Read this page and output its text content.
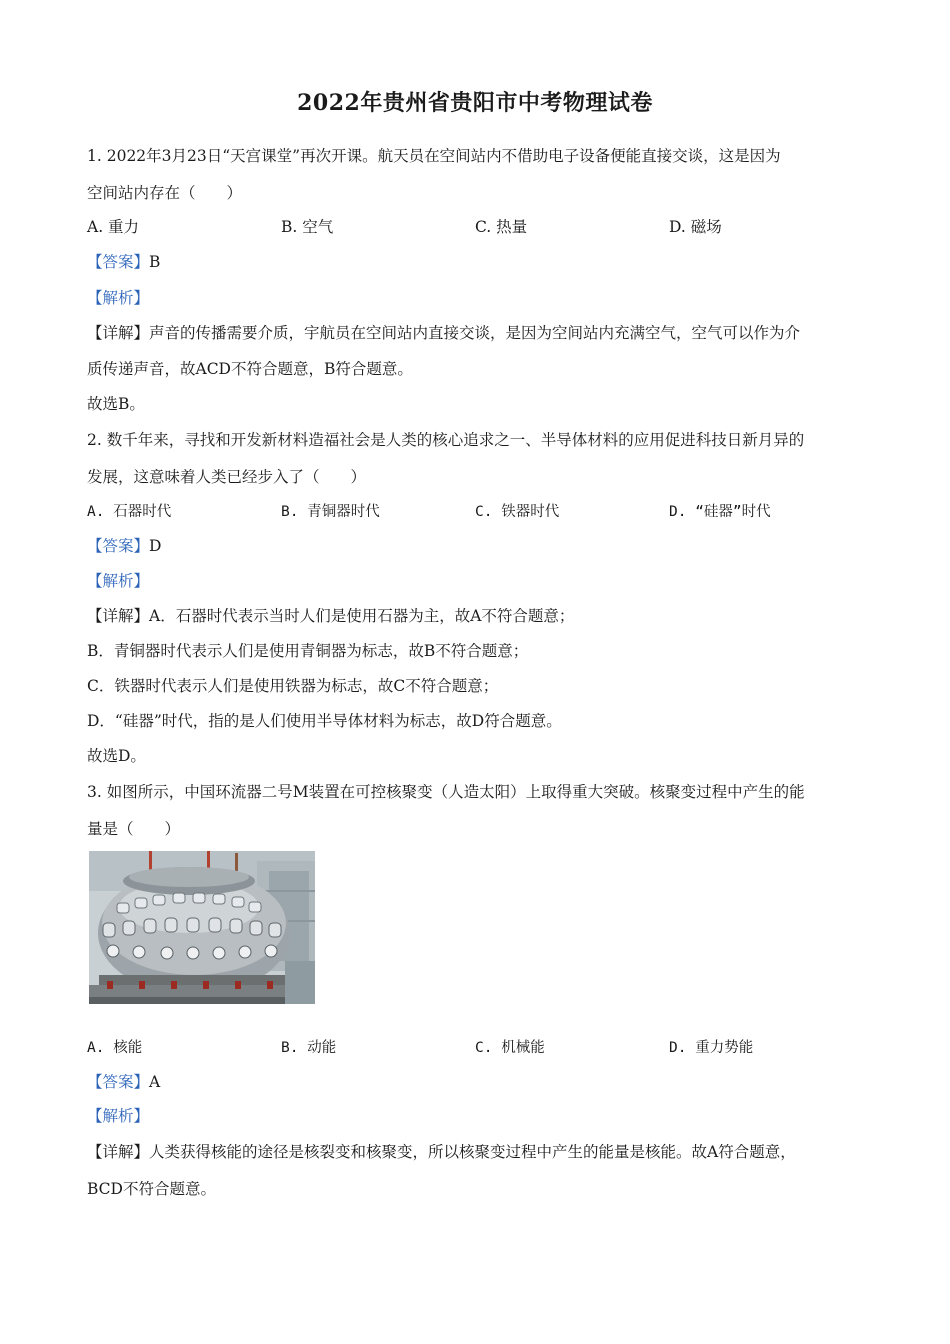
2022年贵州省贵阳市中考物理试卷
1. 2022年3月23日“天宫课堂”再次开课。航天员在空间站内不借助电子设备便能直接交谈，这是因为
空间站内存在（　　）
A. 重力	B. 空气	C. 热量	D. 磁场
【答案】B
【解析】
【详解】声音的传播需要介质，宇航员在空间站内直接交谈，是因为空间站内充满空气，空气可以作为介
质传递声音，故ACD不符合题意，B符合题意。
故选B。
2. 数千年来，寻找和开发新材料造福社会是人类的核心追求之一、半导体材料的应用促进科技日新月异的
发展，这意味着人类已经步入了（　　）
A. 石器时代	B. 青铜器时代	C. 铁器时代	D. “硅器”时代
【答案】D
【解析】
【详解】A．石器时代表示当时人们是使用石器为主，故A不符合题意；
B．青铜器时代表示人们是使用青铜器为标志，故B不符合题意；
C．铁器时代表示人们是使用铁器为标志，故C不符合题意；
D．“硅器”时代，指的是人们使用半导体材料为标志，故D符合题意。
故选D。
3. 如图所示，中国环流器二号M装置在可控核聚变（人造太阳）上取得重大突破。核聚变过程中产生的能
量是（　　）
A. 核能	B. 动能	C. 机械能	D. 重力势能
【答案】A
【解析】
【详解】人类获得核能的途径是核裂变和核聚变，所以核聚变过程中产生的能量是核能。故A符合题意，
BCD不符合题意。
